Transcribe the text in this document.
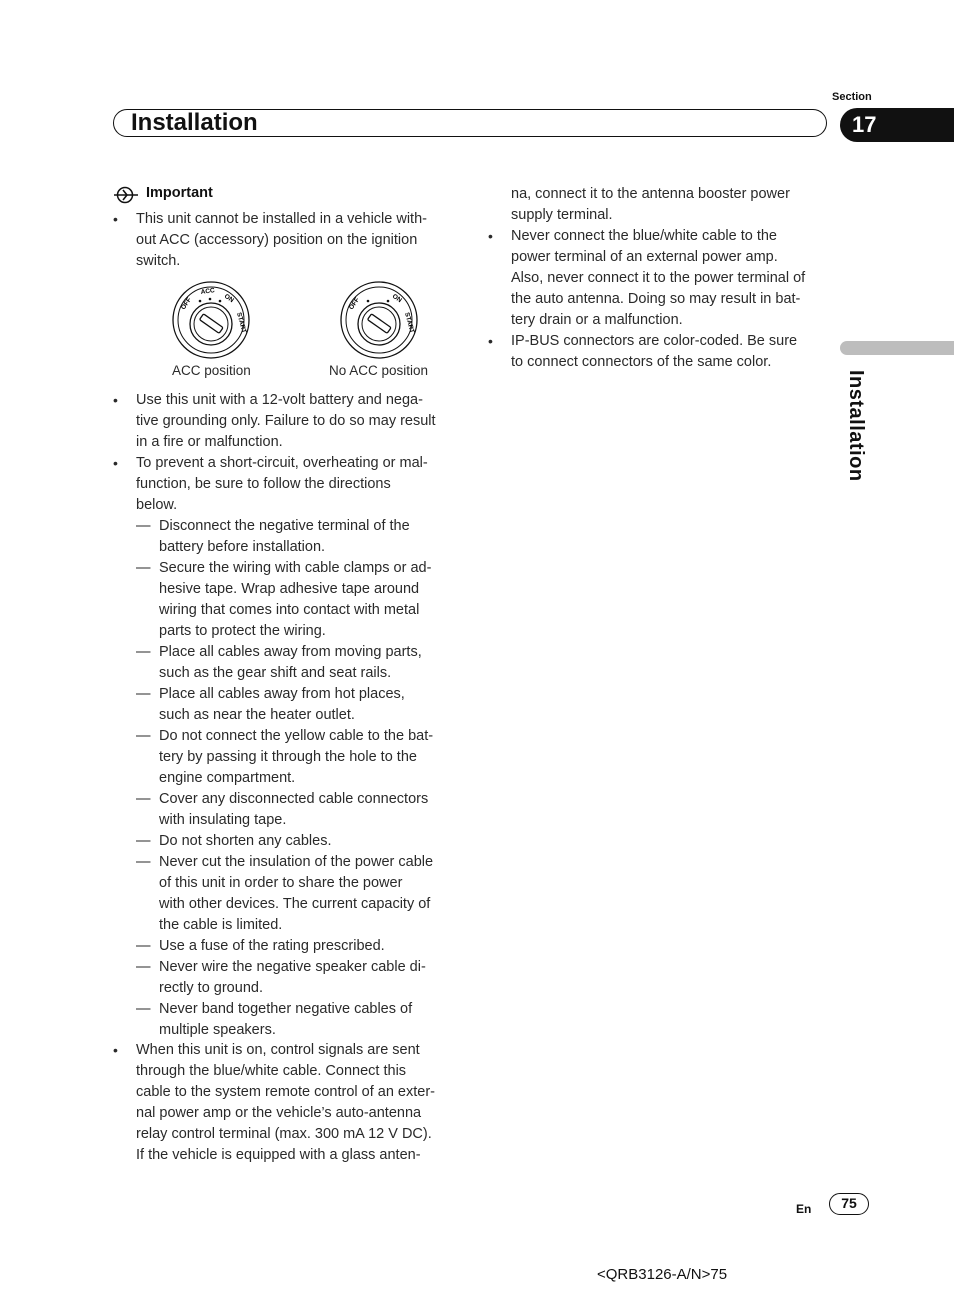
Section
Installation	17
Installation
Important
• This unit cannot be installed in a vehicle with-
out ACC (accessory) position on the ignition
switch.
OFF
ACC
ON
START
OFF	ON
START
ACC position	No ACC position
• Use this unit with a 12-volt battery and nega-
tive grounding only. Failure to do so may result
in a fire or malfunction.
• To prevent a short-circuit, overheating or mal-
function, be sure to follow the directions
below.
— Disconnect the negative terminal of the
battery before installation.
— Secure the wiring with cable clamps or ad-
hesive tape. Wrap adhesive tape around
wiring that comes into contact with metal
parts to protect the wiring.
— Place all cables away from moving parts,
such as the gear shift and seat rails.
— Place all cables away from hot places,
such as near the heater outlet.
— Do not connect the yellow cable to the bat-
tery by passing it through the hole to the
engine compartment.
— Cover any disconnected cable connectors
with insulating tape.
— Do not shorten any cables.
— Never cut the insulation of the power cable
of this unit in order to share the power
with other devices. The current capacity of
the cable is limited.
— Use a fuse of the rating prescribed.
— Never wire the negative speaker cable di-
rectly to ground.
— Never band together negative cables of
multiple speakers.
• When this unit is on, control signals are sent
through the blue/white cable. Connect this
cable to the system remote control of an exter-
nal power amp or the vehicle’s auto-antenna
relay control terminal (max. 300 mA 12 V DC).
If the vehicle is equipped with a glass anten-
na, connect it to the antenna booster power
supply terminal.
• Never connect the blue/white cable to the
power terminal of an external power amp.
Also, never connect it to the power terminal of
the auto antenna. Doing so may result in bat-
tery drain or a malfunction.
• IP-BUS connectors are color-coded. Be sure
to connect connectors of the same color.
En	75
<QRB3126-A/N>75
